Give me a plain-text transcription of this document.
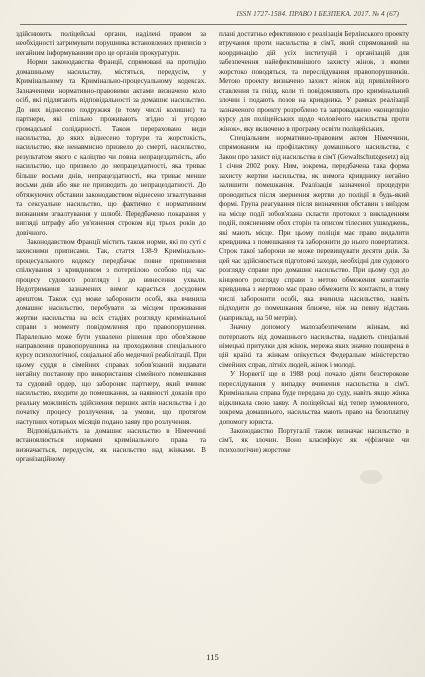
ISSN 1727-1584. ПРАВО І БЕЗПЕКА. 2017. № 4 (67)

здійснюють поліцейські органи, наділені правом за необхідності затримувати порушника встановлених приписів з негайним інформуванням про це органів прокуратури.

Норми законодавства Франції, спрямовані на протидію домашньому насильству, містяться, передусім, у Кримінальному та Кримінально-процесуальному кодексах. Зазначеними нормативно-правовими актами визначено коло осіб, які підлягають відповідальності за домашнє насильство. До них віднесено подружжя (в тому числі колишнє) та партнери, які спільно проживають згідно зі угодою громадської солідарності. Також перераховано види насильства, до яких віднесено тортури та жорстокість, насильство, яке ненавмисно призвело до смерті, насильство, результатом якого є каліцтво чи повна непрацездатність, або насильство, що призвело до непрацездатності, яка триває більше восьми днів, непрацездатності, яка триває менше восьми днів або яке не призводить до непрацездатності. До обтяжуючих обставин законодавством віднесено згвалтування та сексуальне насильство, що фактично є нормативним визнанням згвалтування у шлюбі. Передбачено покарання у вигляді штрафу або ув'язнення строком від трьох років до довічного.

Законодавством Франції містить також норми, які по суті є захисними приписами. Так, стаття 138-9 Кримінально-процесуального кодексу передбачає повне припинення спілкування з кривдником з потерпілою особою під час процесу судового розгляду і до винесення ухвали. Недотримання зазначених вимог карається досудовим арештом. Також суд може заборонити особі, яка вчинила домашнє насильство, перебувати за місцем проживання жертви насильства на всіх стадіях розгляду кримінальної справи з моменту повідомлення про правопорушення. Паралельно може бути ухвалено рішення про обов'язкове направлення правопорушника на проходження спеціального курсу психологічної, соціальної або медичної реабілітації. При цьому суддя в сімейних справах зобов'язаний видавати негайну постанову про використання сімейного помешкання та судовий ордер, що забороняє партнеру, який вчиняє насильство, входити до помешкання, за наявності доказів про реальну можливість здійснення перших актів насильства і до початку процесу розлучення, за умови, що протягом наступних чотирьох місяців подано заяву про розлучення.

Відповідальність за домашнє насильство в Німеччині встановлюється нормами кримінального права та визначається, передусім, як насильство над жінками. В організаційному

плані достатньо ефективною є реалізація Берлінського проекту втручання проти насильства в сім'ї, який спрямований на координацію дій усіх інституцій і організацій для забезпечення найефективнішого захисту жінок, з якими жорстоко поводяться, та переслідування правопорушників. Метою проекту визначено захист жінок від привілейного ставлення та гнізд, коли ті повідомляють про кримінальний злочин і подають позов на кривдника. У рамках реалізації зазначеного проекту розроблено та запроваджено «концепцію курсу для поліцейських щодо чоловічого насильства проти жінок», яку включено в програму освіти поліцейських.

Спеціальним нормативно-правовим актом Німеччини, спрямованим на профілактику домашнього насильства, є Закон про захист від насильства в сім'ї (Gewaltschutzgesetz) від 1 січня 2002 року. Ним, зокрема, передбачена така форма захисту жертви насильства, як вимога кривднику негайно залишити помешкання. Реалізація зазначеної процедури проводиться після звернення жертви до поліції в будь-який формі. Група реагування після визначення обставин з виїздом на місце події зобов'язана скласти протокол з викладенням подій, поясненням обох сторін та описом тілесних ушкоджень, які мають місце. При цьому поліція має право видалити кривдника з помешкання та заборонити до нього повертатися. Строк такої заборони не може перевищувати десяти днів. За цей час здійснюється підготовчі заходи, необхідні для судового розгляду справи про домашнє насильство. При цьому суд до кінцевого розгляду справи з метою обмеження контактів кривдника з жертвою має право обмежити їх контакти, в тому числі заборонити особі, яка вчинила насильство, навіть підходити до помешкання ближче, ніж на певну відстань (наприклад, на 50 метрів).

Значну допомогу малозабезпеченим жінкам, які потерпають від домашнього насильства, надають спеціальні німецькі притулки для жінок, мережа яких значно поширена в цій країні та жінкам опікується Федеральне міністерство сімейних справ, літніх людей, жінок і молоді.

У Норвегії ще в 1988 році почало діяти безстерокове переслідування у випадку вчинення насильства в сім'ї. Кримінальна справа буде передана до суду, навіть якщо жінка відкликала свою заяву. А поліцейські від тепер зумовленого, зокрема домашнього, насильства мають право на безоплатну допомогу юриста.

Законодавство Португалії також визначає насильство в сім'ї, як злочин. Воно класифікує як «(фізичне чи психологічне) жорстоке

115
